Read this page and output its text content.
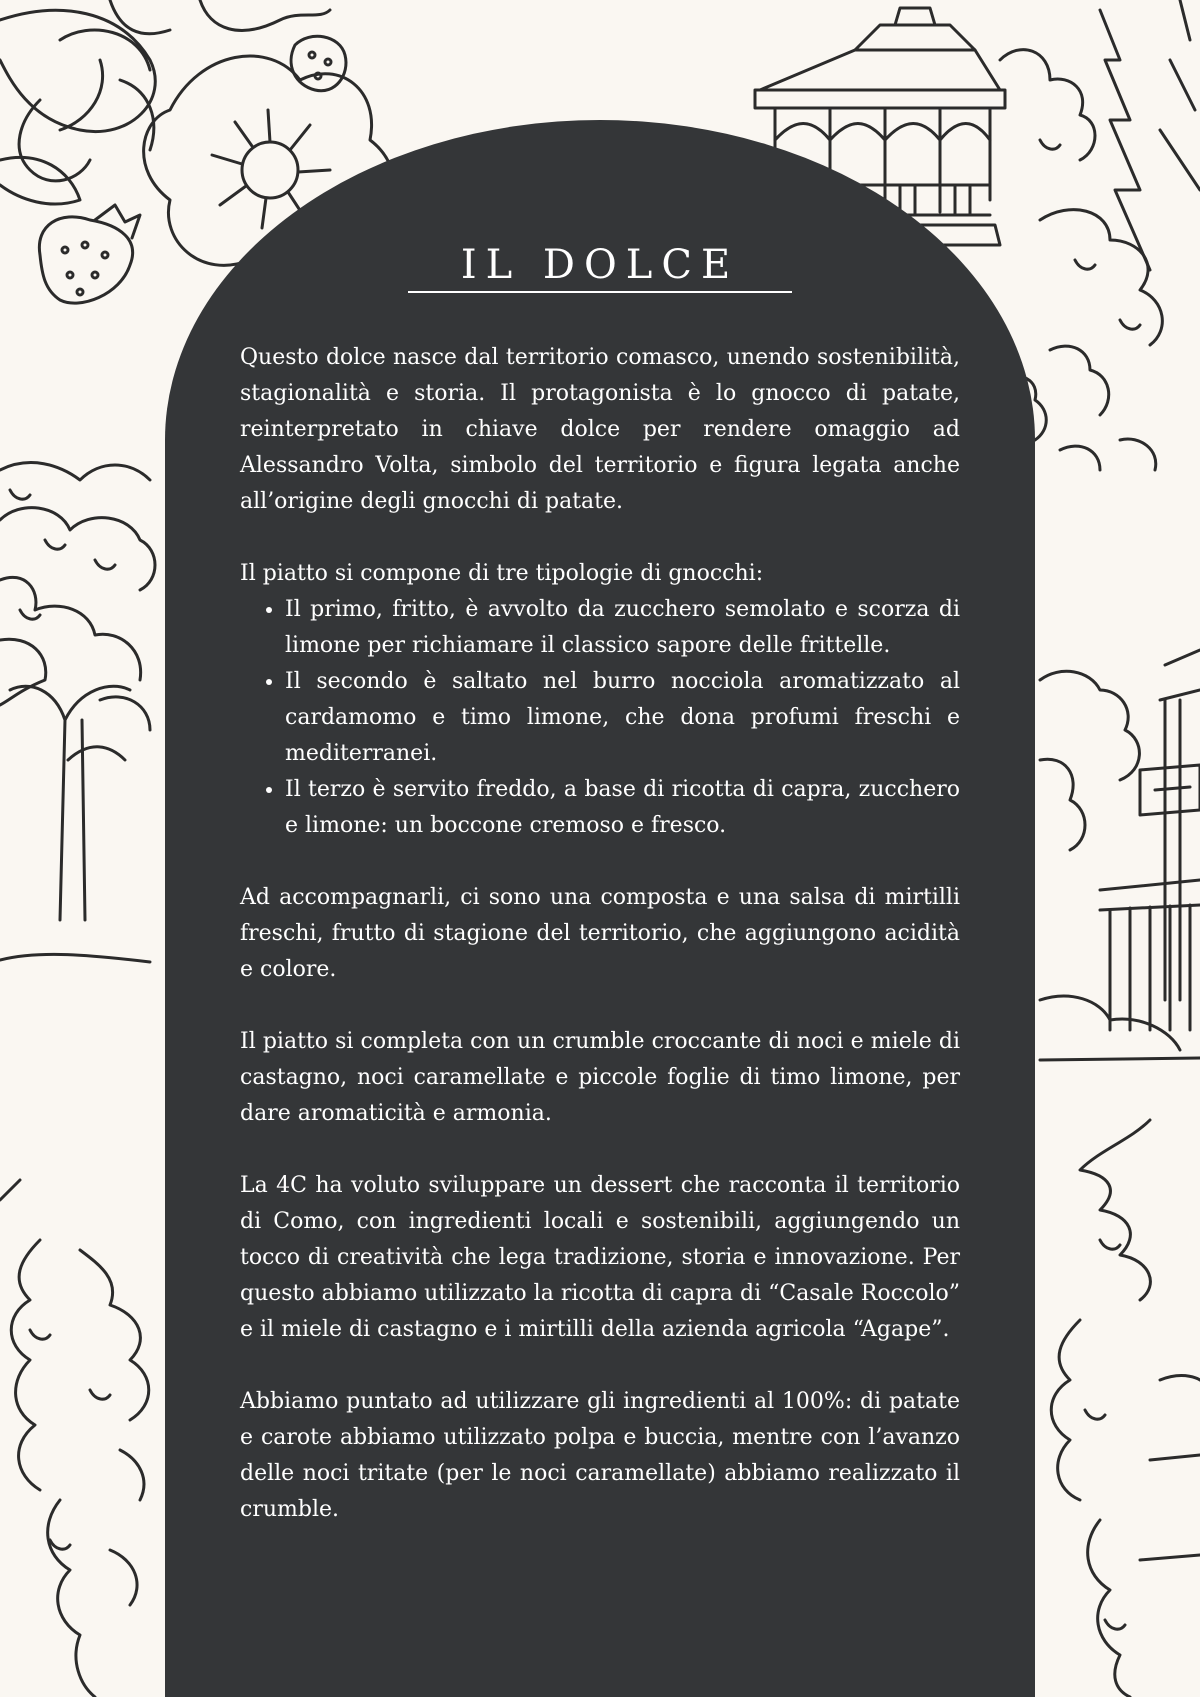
IL DOLCE

Questo dolce nasce dal territorio comasco, unendo sostenibilità, stagionalità e storia. Il protagonista è lo gnocco di patate, reinterpretato in chiave dolce per rendere omaggio ad Alessandro Volta, simbolo del territorio e figura legata anche all’origine degli gnocchi di patate.

Il piatto si compone di tre tipologie di gnocchi:

• Il primo, fritto, è avvolto da zucchero semolato e scorza di limone per richiamare il classico sapore delle frittelle.
• Il secondo è saltato nel burro nocciola aromatizzato al cardamomo e timo limone, che dona profumi freschi e mediterranei.
• Il terzo è servito freddo, a base di ricotta di capra, zucchero e limone: un boccone cremoso e fresco.

Ad accompagnarli, ci sono una composta e una salsa di mirtilli freschi, frutto di stagione del territorio, che aggiungono acidità e colore.

Il piatto si completa con un crumble croccante di noci e miele di castagno, noci caramellate e piccole foglie di timo limone, per dare aromaticità e armonia.

La 4C ha voluto sviluppare un dessert che racconta il territorio di Como, con ingredienti locali e sostenibili, aggiungendo un tocco di creatività che lega tradizione, storia e innovazione. Per questo abbiamo utilizzato la ricotta di capra di “Casale Roccolo” e il miele di castagno e i mirtilli della azienda agricola “Agape”.

Abbiamo puntato ad utilizzare gli ingredienti al 100%: di patate e carote abbiamo utilizzato polpa e buccia, mentre con l’avanzo delle noci tritate (per le noci caramellate) abbiamo realizzato il crumble.
